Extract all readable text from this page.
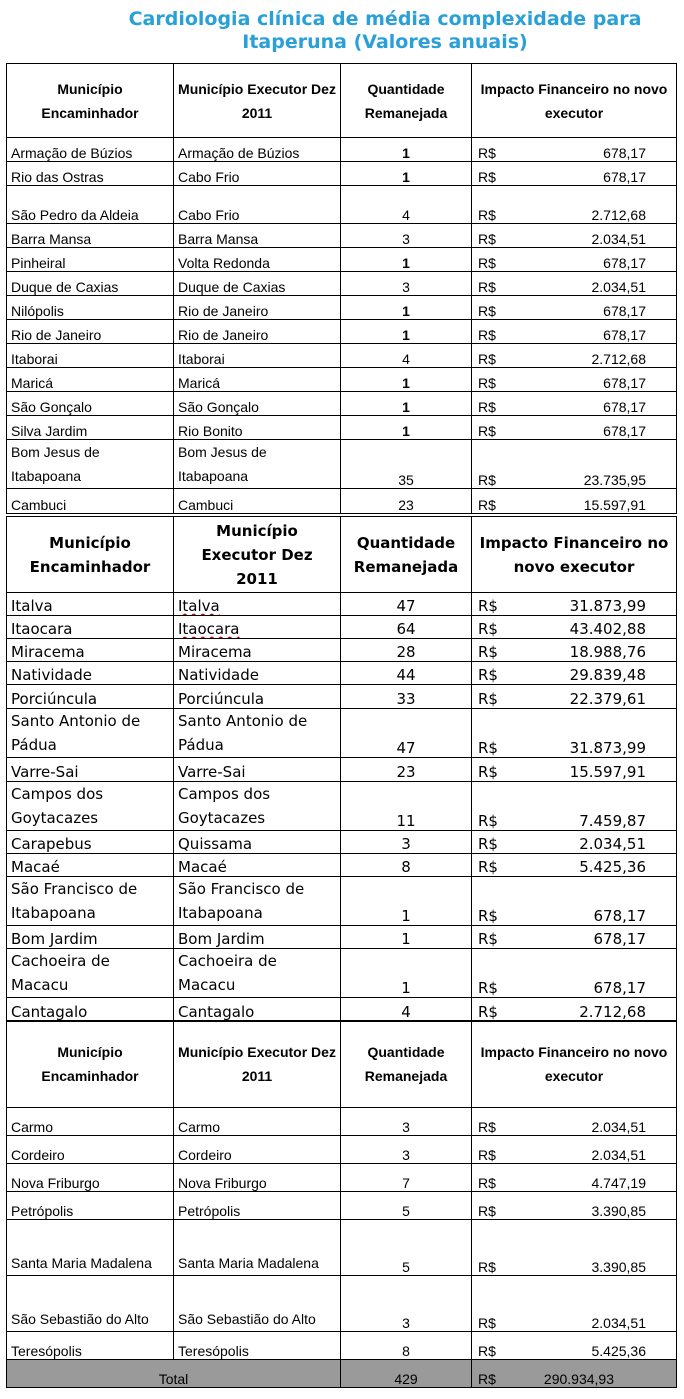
Cardiologia clínica de média complexidade para Itaperuna (Valores anuais)
Município Encaminhador	Município Executor Dez 2011	Quantidade Remanejada	Impacto Financeiro no novo executor
Armação de Búzios	Armação de Búzios	1	R$ 678,17

Rio das Ostras	Cabo Frio	1	R$ 678,17

São Pedro da Aldeia	Cabo Frio	4	R$ 2.712,68

Barra Mansa	Barra Mansa	3	R$ 2.034,51

Pinheiral	Volta Redonda	1	R$ 678,17

Duque de Caxias	Duque de Caxias	3	R$ 2.034,51

Nilópolis	Rio de Janeiro	1	R$ 678,17

Rio de Janeiro	Rio de Janeiro	1	R$ 678,17

Itaborai	Itaborai	4	R$ 2.712,68

Maricá	Maricá	1	R$ 678,17

São Gonçalo	São Gonçalo	1	R$ 678,17

Silva Jardim	Rio Bonito	1	R$ 678,17

Bom Jesus de Itabapoana	Bom Jesus de Itabapoana	35	R$ 23.735,95

Cambuci	Cambuci	23	R$ 15.597,91
Município Encaminhador	Município Executor Dez 2011	Quantidade Remanejada	Impacto Financeiro no novo executor
Italva	Italva	47	R$ 31.873,99

Itaocara	Itaocara	64	R$ 43.402,88

Miracema	Miracema	28	R$ 18.988,76

Natividade	Natividade	44	R$ 29.839,48

Porciúncula	Porciúncula	33	R$ 22.379,61

Santo Antonio de Pádua	Santo Antonio de Pádua	47	R$ 31.873,99

Varre-Sai	Varre-Sai	23	R$ 15.597,91

Campos dos Goytacazes	Campos dos Goytacazes	11	R$ 7.459,87

Carapebus	Quissama	3	R$ 2.034,51

Macaé	Macaé	8	R$ 5.425,36

São Francisco de Itabapoana	São Francisco de Itabapoana	1	R$ 678,17

Bom Jardim	Bom Jardim	1	R$ 678,17

Cachoeira de Macacu	Cachoeira de Macacu	1	R$ 678,17

Cantagalo	Cantagalo	4	R$ 2.712,68
Município Encaminhador	Município Executor Dez 2011	Quantidade Remanejada	Impacto Financeiro no novo executor
Carmo	Carmo	3	R$ 2.034,51

Cordeiro	Cordeiro	3	R$ 2.034,51

Nova Friburgo	Nova Friburgo	7	R$ 4.747,19

Petrópolis	Petrópolis	5	R$ 3.390,85

Santa Maria Madalena	Santa Maria Madalena	5	R$ 3.390,85

São Sebastião do Alto	São Sebastião do Alto	3	R$ 2.034,51

Teresópolis	Teresópolis	8	R$ 5.425,36

Total		429	R$ 290.934,93
